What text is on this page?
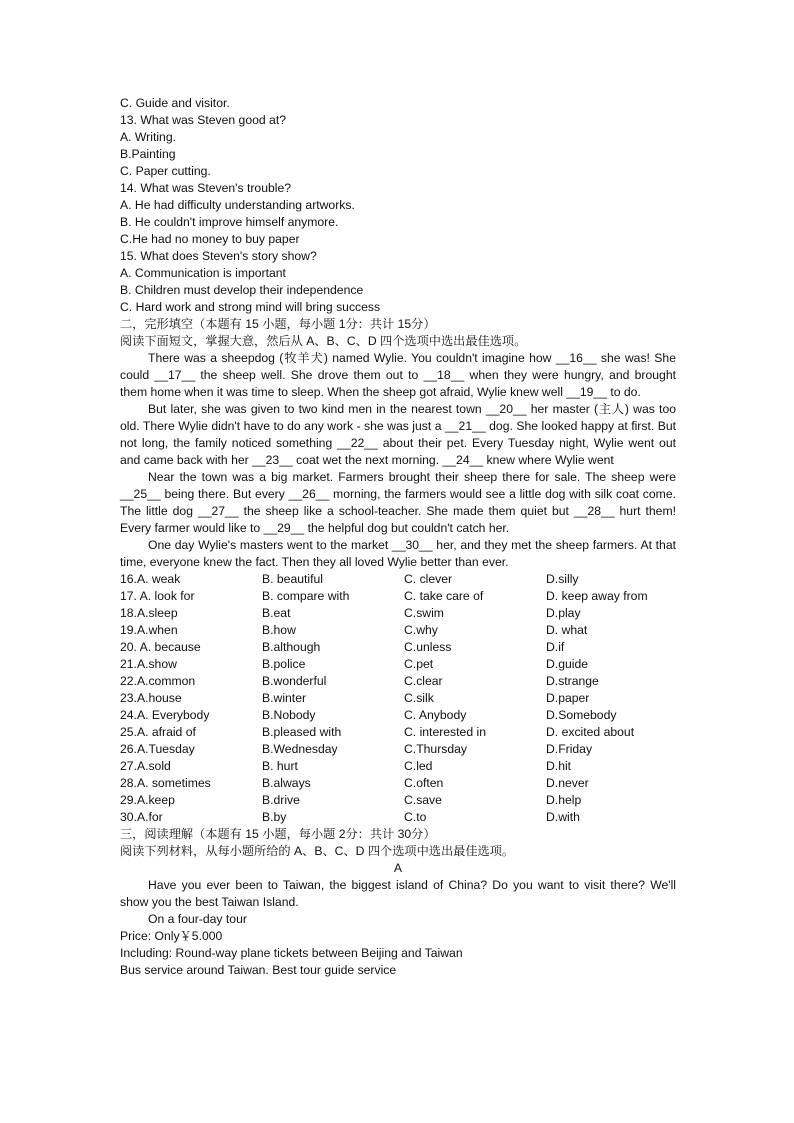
C. Guide and visitor.
13. What was Steven good at?
A. Writing.
B.Painting
C. Paper cutting.
14. What was Steven's trouble?
A. He had difficulty understanding artworks.
B. He couldn't improve himself anymore.
C.He had no money to buy paper
15. What does Steven's story show?
A. Communication is important
B. Children must develop their independence
C. Hard work and strong mind will bring success
二，完形填空（本题有 15 小题，每小题 1分：共计 15分）
阅读下面短文，掌握大意，然后从 A、B、C、D 四个选项中选出最佳选项。
There was a sheepdog (牧羊犬) named Wylie. You couldn't imagine how __16__ she was! She could __17__ the sheep well. She drove them out to __18__ when they were hungry, and brought them home when it was time to sleep. When the sheep got afraid, Wylie knew well __19__ to do.
But later, she was given to two kind men in the nearest town __20__ her master (主人) was too old. There Wylie didn't have to do any work - she was just a __21__ dog. She looked happy at first. But not long, the family noticed something __22__ about their pet. Every Tuesday night, Wylie went out and came back with her __23__ coat wet the next morning. __24__ knew where Wylie went
Near the town was a big market. Farmers brought their sheep there for sale. The sheep were __25__ being there. But every __26__ morning, the farmers would see a little dog with silk coat come. The little dog __27__ the sheep like a school-teacher. She made them quiet but __28__ hurt them! Every farmer would like to __29__ the helpful dog but couldn't catch her.
One day Wylie's masters went to the market __30__ her, and they met the sheep farmers. At that time, everyone knew the fact. Then they all loved Wylie better than ever.
16.A. weak	B. beautiful	C. clever	D.silly
17. A. look for	B. compare with	C. take care of	D. keep away from
18.A.sleep	B.eat	C.swim	D.play
19.A.when	B.how	C.why	D. what
20. A. because	B.although	C.unless	D.if
21.A.show	B.police	C.pet	D.guide
22.A.common	B.wonderful	C.clear	D.strange
23.A.house	B.winter	C.silk	D.paper
24.A. Everybody	B.Nobody	C. Anybody	D.Somebody
25.A. afraid of	B.pleased with	C. interested in	D. excited about
26.A.Tuesday	B.Wednesday	C.Thursday	D.Friday
27.A.sold	B. hurt	C.led	D.hit
28.A. sometimes	B.always	C.often	D.never
29.A.keep	B.drive	C.save	D.help
30.A.for	B.by	C.to	D.with
三，阅读理解（本题有 15 小题，每小题 2分：共计 30分）
阅读下列材料，从每小题所给的 A、B、C、D 四个选项中选出最佳选项。
A
Have you ever been to Taiwan, the biggest island of China? Do you want to visit there? We'll show you the best Taiwan Island.
On a four-day tour
Price: Only￥5.000
Including: Round-way plane tickets between Beijing and Taiwan
Bus service around Taiwan. Best tour guide service
